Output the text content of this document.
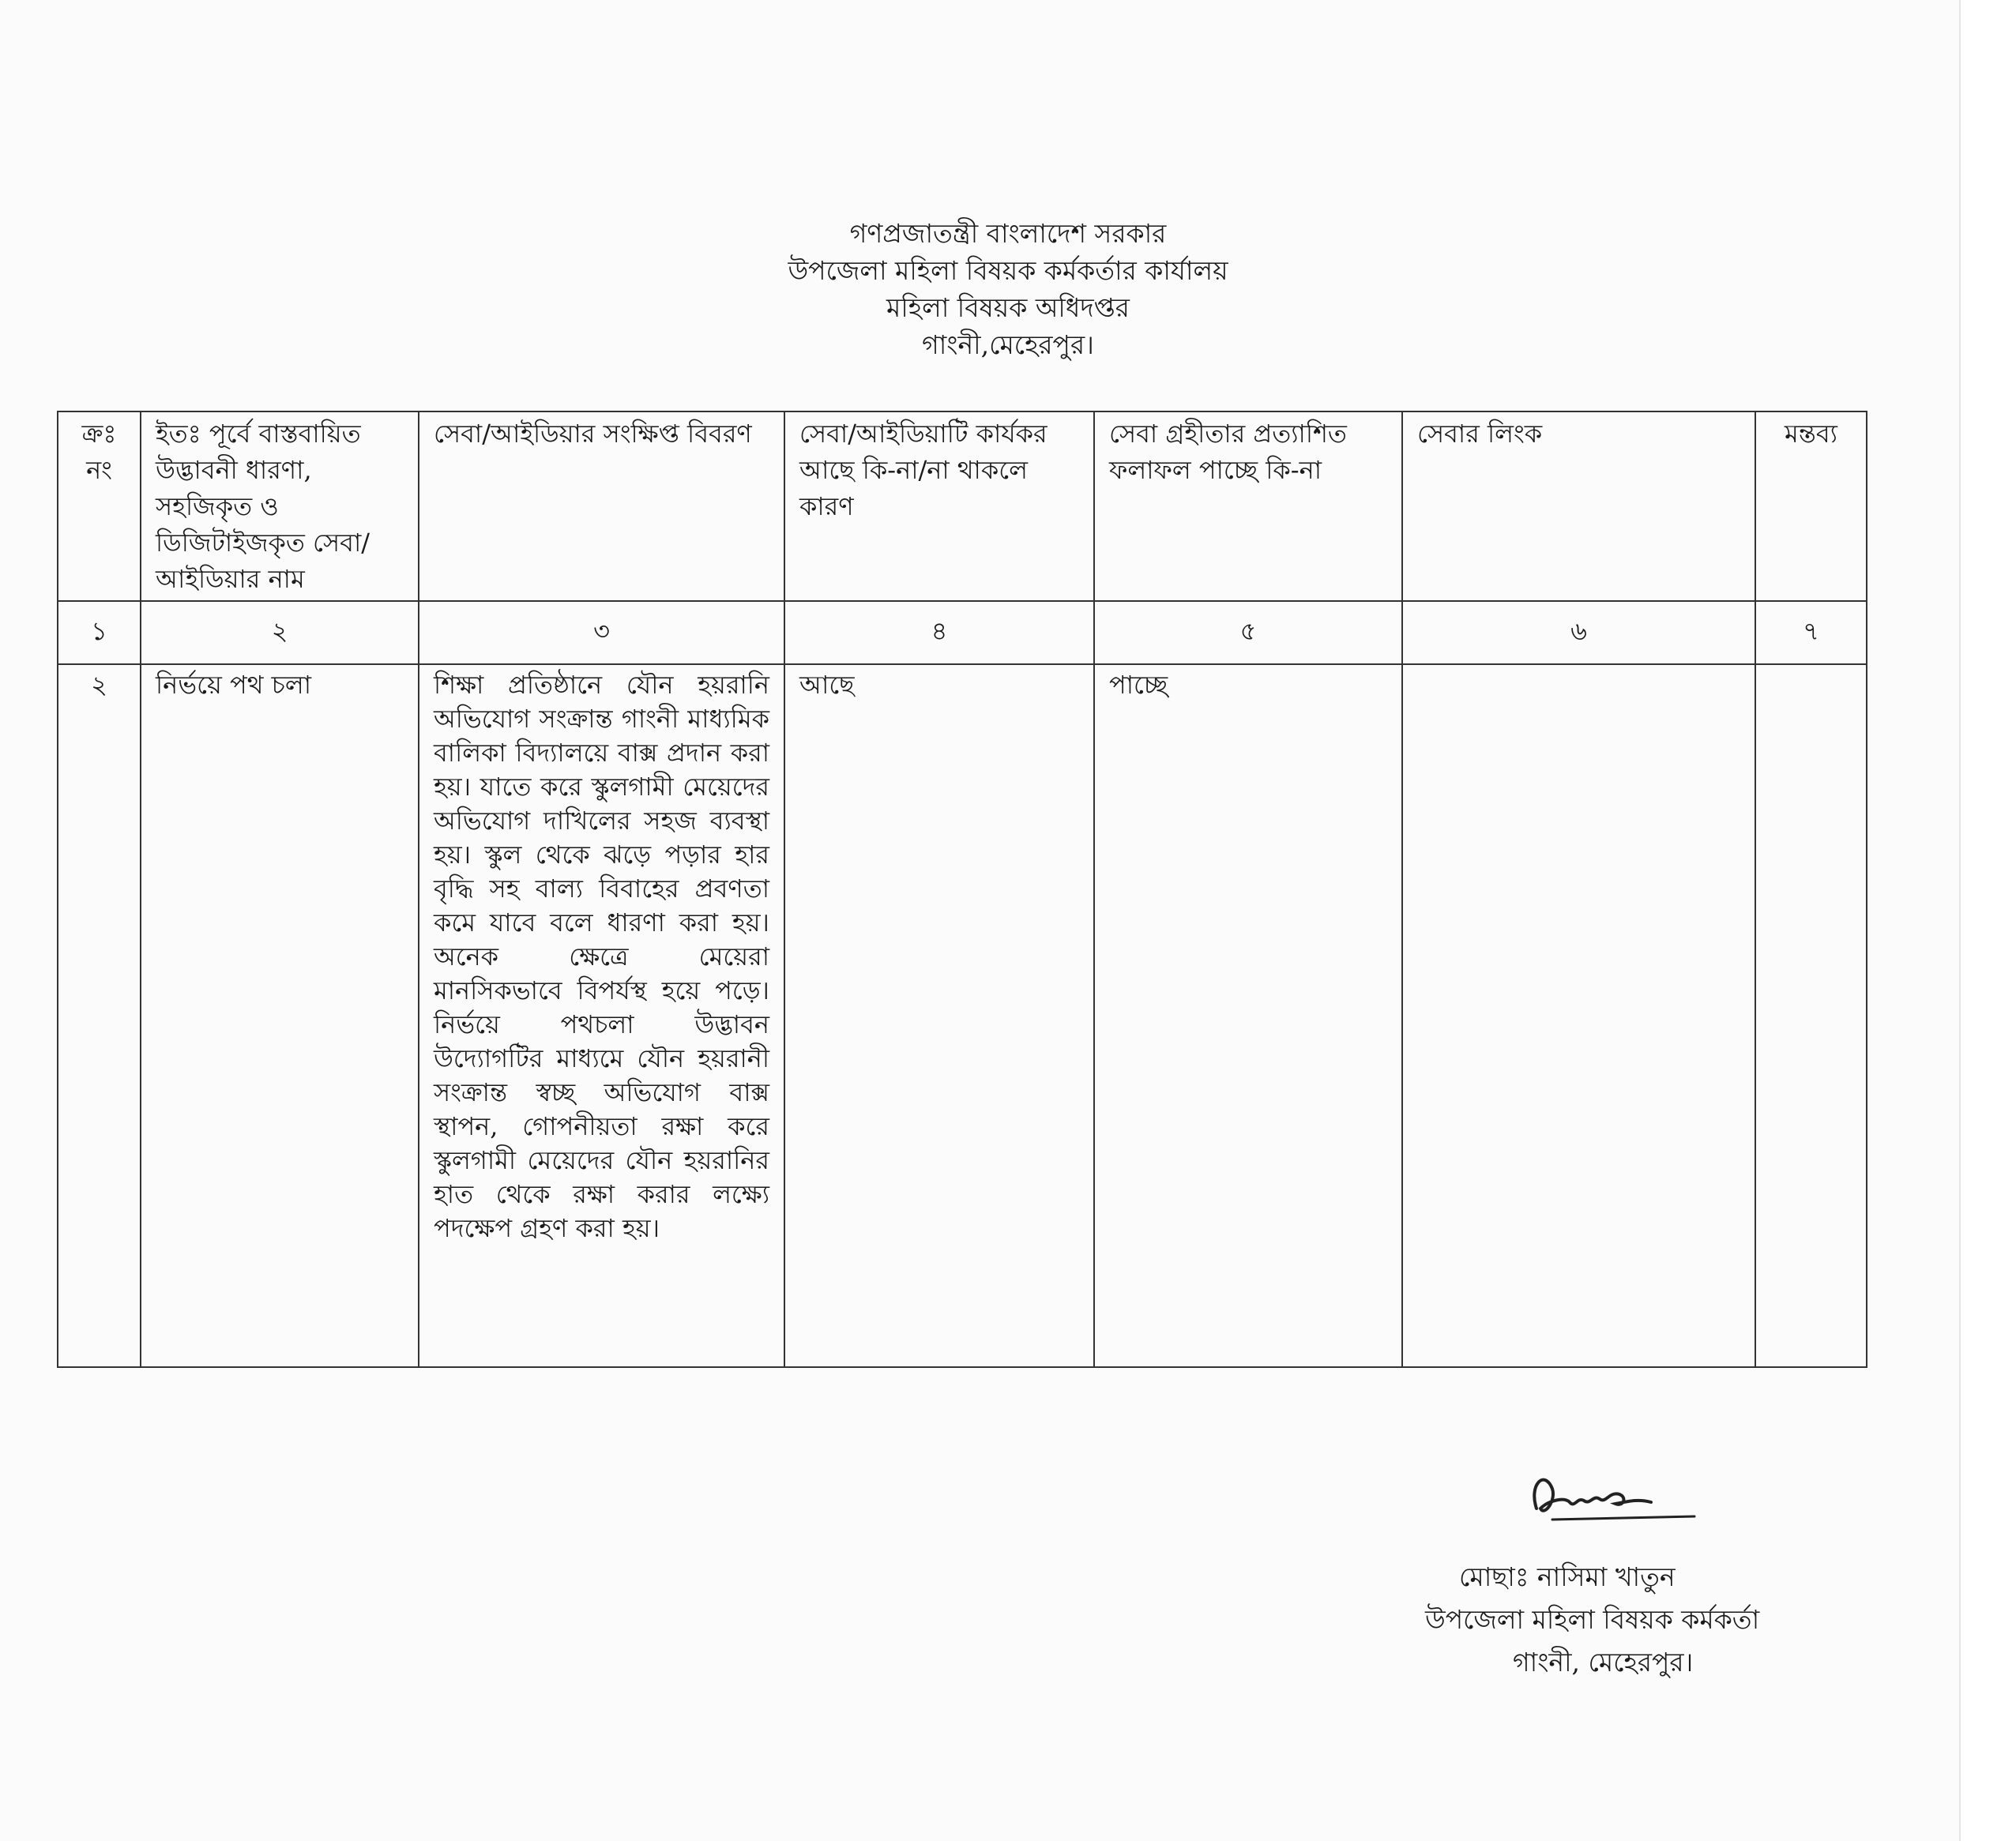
গণপ্রজাতন্ত্রী বাংলাদেশ সরকার
উপজেলা মহিলা বিষয়ক কর্মকর্তার কার্যালয়
মহিলা বিষয়ক অধিদপ্তর
গাংনী,মেহেরপুর।
ক্রঃ নং	ইতঃ পূর্বে বাস্তবায়িত উদ্ভাবনী ধারণা, সহজিকৃত ও ডিজিটাইজকৃত সেবা/আইডিয়ার নাম	সেবা/আইডিয়ার সংক্ষিপ্ত বিবরণ	সেবা/আইডিয়াটি কার্যকর আছে কি-না/না থাকলে কারণ	সেবা গ্রহীতার প্রত্যাশিত ফলাফল পাচ্ছে কি-না	সেবার লিংক	মন্তব্য
১	২	৩	৪	৫	৬	৭
২	নির্ভয়ে পথ চলা	শিক্ষা প্রতিষ্ঠানে যৌন হয়রানি অভিযোগ সংক্রান্ত গাংনী মাধ্যমিক বালিকা বিদ্যালয়ে বাক্স প্রদান করা হয়। যাতে করে স্কুলগামী মেয়েদের অভিযোগ দাখিলের সহজ ব্যবস্থা হয়। স্কুল থেকে ঝড়ে পড়ার হার বৃদ্ধি সহ বাল্য বিবাহের প্রবণতা কমে যাবে বলে ধারণা করা হয়। অনেক ক্ষেত্রে মেয়েরা মানসিকভাবে বিপর্যস্থ হয়ে পড়ে। নির্ভয়ে পথচলা উদ্ভাবন উদ্যোগটির মাধ্যমে যৌন হয়রানী সংক্রান্ত স্বচ্ছ অভিযোগ বাক্স স্থাপন, গোপনীয়তা রক্ষা করে স্কুলগামী মেয়েদের যৌন হয়রানির হাত থেকে রক্ষা করার লক্ষ্যে পদক্ষেপ গ্রহণ করা হয়।	আছে	পাচ্ছে		
মোছাঃ নাসিমা খাতুন
উপজেলা মহিলা বিষয়ক কর্মকর্তা
গাংনী, মেহেরপুর।
